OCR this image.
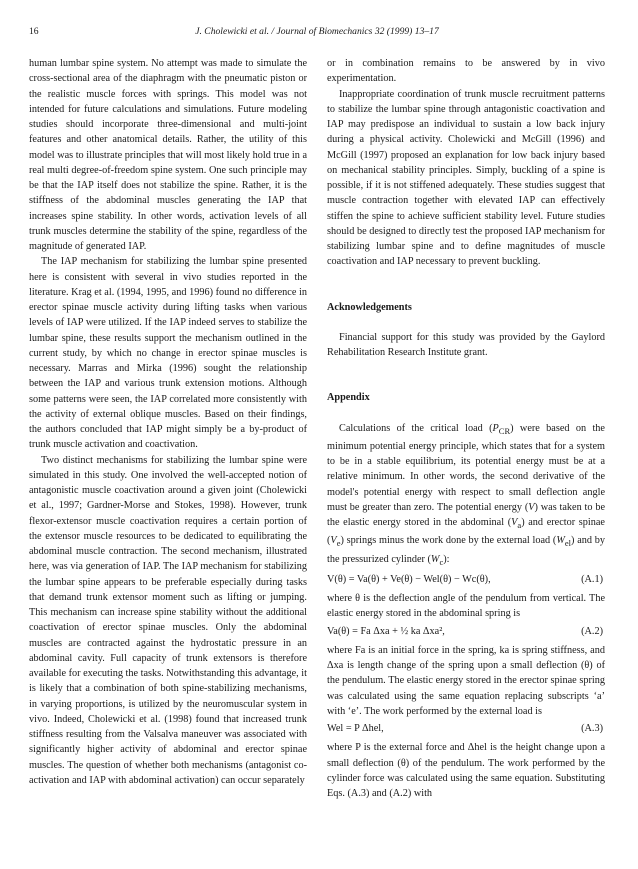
16	J. Cholewicki et al. / Journal of Biomechanics 32 (1999) 13–17

human lumbar spine system. No attempt was made to simulate the cross-sectional area of the diaphragm with the pneumatic piston or the realistic muscle forces with springs. This model was not intended for future calculations and simulations. Future modeling studies should incorporate three-dimensional and multi-joint features and other anatomical details. Rather, the utility of this model was to illustrate principles that will most likely hold true in a real multi degree-of-freedom spine system. One such principle may be that the IAP itself does not stabilize the spine. Rather, it is the stiffness of the abdominal muscles generating the IAP that increases spine stability. In other words, activation levels of all trunk muscles determine the stability of the spine, regardless of the magnitude of generated IAP.

The IAP mechanism for stabilizing the lumbar spine presented here is consistent with several in vivo studies reported in the literature. Krag et al. (1994, 1995, and 1996) found no difference in erector spinae muscle activity during lifting tasks when various levels of IAP were utilized. If the IAP indeed serves to stabilize the lumbar spine, these results support the mechanism outlined in the current study, by which no change in erector spinae muscles is necessary. Marras and Mirka (1996) sought the relationship between the IAP and various trunk extension motions. Although some patterns were seen, the IAP correlated more consistently with the activity of external oblique muscles. Based on their findings, the authors concluded that IAP might simply be a by-product of trunk muscle activation and coactivation.

Two distinct mechanisms for stabilizing the lumbar spine were simulated in this study. One involved the well-accepted notion of antagonistic muscle coactivation around a given joint (Cholewicki et al., 1997; Gardner-Morse and Stokes, 1998). However, trunk flexor-extensor muscle coactivation requires a certain portion of the extensor muscle resources to be dedicated to equilibrating the abdominal muscle contraction. The second mechanism, illustrated here, was via generation of IAP. The IAP mechanism for stabilizing the lumbar spine appears to be preferable especially during tasks that demand trunk extensor moment such as lifting or jumping. This mechanism can increase spine stability without the additional coactivation of erector spinae muscles. Only the abdominal muscles are contracted against the hydrostatic pressure in an abdominal cavity. Full capacity of trunk extensors is therefore available for executing the tasks. Notwithstanding this advantage, it is likely that a combination of both spine-stabilizing mechanisms, in varying proportions, is utilized by the neuromuscular system in vivo. Indeed, Cholewicki et al. (1998) found that increased trunk stiffness resulting from the Valsalva maneuver was associated with significantly higher activity of abdominal and erector spinae muscles. The question of whether both mechanisms (antagonist co-activation and IAP with abdominal activation) can occur separately

or in combination remains to be answered by in vivo experimentation.

Inappropriate coordination of trunk muscle recruitment patterns to stabilize the lumbar spine through antagonistic coactivation and IAP may predispose an individual to sustain a low back injury during a physical activity. Cholewicki and McGill (1996) and McGill (1997) proposed an explanation for low back injury based on mechanical stability principles. Simply, buckling of a spine is possible, if it is not stiffened adequately. These studies suggest that muscle contraction together with elevated IAP can effectively stiffen the spine to achieve sufficient stability level. Future studies should be designed to directly test the proposed IAP mechanism for stabilizing lumbar spine and to define magnitudes of muscle coactivation and IAP necessary to prevent buckling.

Acknowledgements

Financial support for this study was provided by the Gaylord Rehabilitation Research Institute grant.

Appendix

Calculations of the critical load $(P_{CR})$ were based on the minimum potential energy principle, which states that for a system to be in a stable equilibrium, its potential energy must be at a relative minimum. In other words, the second derivative of the model's potential energy with respect to small deflection angle must be greater than zero. The potential energy (V) was taken to be the elastic energy stored in the abdominal $(V_a)$ and erector spinae $(V_e)$ springs minus the work done by the external load $(W_{el})$ and by the pressurized cylinder $(W_c)$:

V(θ) = Va(θ) + Ve(θ) − Wel(θ) − Wc(θ),	(A.1)

where θ is the deflection angle of the pendulum from vertical. The elastic energy stored in the abdominal spring is

Va(θ) = Fa Δxa + ½ ka Δxa²,	(A.2)

where Fa is an initial force in the spring, ka is spring stiffness, and Δxa is length change of the spring upon a small deflection (θ) of the pendulum. The elastic energy stored in the erector spinae spring was calculated using the same equation replacing subscripts ‘a’ with ‘e’. The work performed by the external load is

Wel = P Δhel,	(A.3)

where P is the external force and Δhel is the height change upon a small deflection (θ) of the pendulum. The work performed by the cylinder force was calculated using the same equation. Substituting Eqs. (A.3) and (A.2) with
